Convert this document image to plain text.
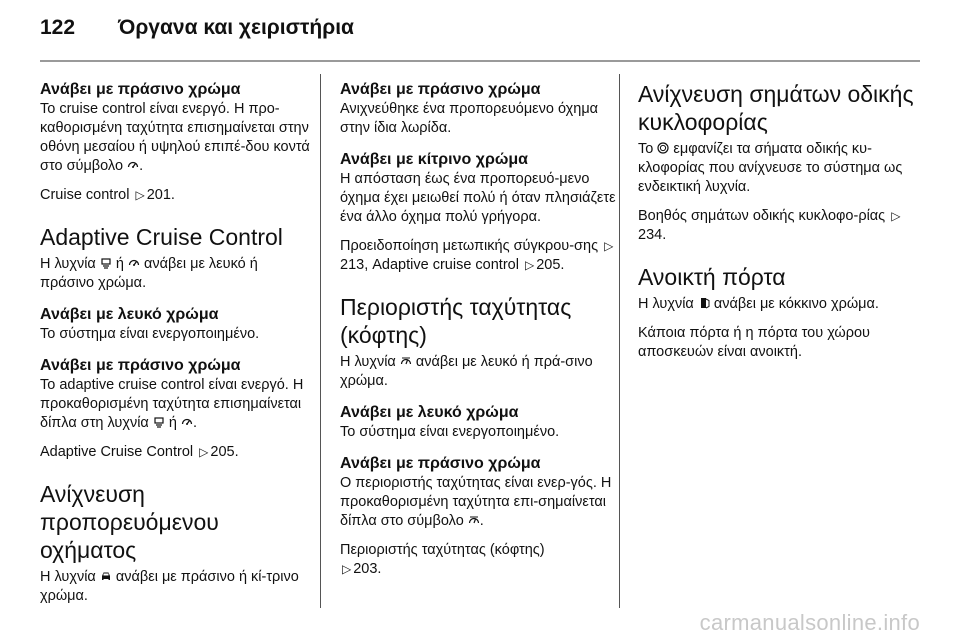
122	Όργανα και χειριστήρια
Ανάβει με πράσινο χρώμα

Το cruise control είναι ενεργό. Η προ-καθορισμένη ταχύτητα επισημαίνεται στην οθόνη μεσαίου ή υψηλού επιπέ-δου κοντά στο σύμβολο .

Cruise control ▷ 201.

Adaptive Cruise Control

Η λυχνία ή ανάβει με λευκό ή πράσινο χρώμα.

Ανάβει με λευκό χρώμα

Το σύστημα είναι ενεργοποιημένο.

Ανάβει με πράσινο χρώμα

Το adaptive cruise control είναι ενεργό. Η προκαθορισμένη ταχύτητα επισημαίνεται δίπλα στη λυχνία ή .

Adaptive Cruise Control ▷ 205.

Ανίχνευση προπορευόμενου οχήματος

Η λυχνία ανάβει με πράσινο ή κί-τρινο χρώμα.

Ανάβει με πράσινο χρώμα

Ανιχνεύθηκε ένα προπορευόμενο όχημα στην ίδια λωρίδα.

Ανάβει με κίτρινο χρώμα

Η απόσταση έως ένα προπορευό-μενο όχημα έχει μειωθεί πολύ ή όταν πλησιάζετε ένα άλλο όχημα πολύ γρήγορα.

Προειδοποίηση μετωπικής σύγκρου-σης ▷213, Adaptive cruise control ▷ 205.

Περιοριστής ταχύτητας (κόφτης)

Η λυχνία ανάβει με λευκό ή πρά-σινο χρώμα.

Ανάβει με λευκό χρώμα

Το σύστημα είναι ενεργοποιημένο.

Ανάβει με πράσινο χρώμα

Ο περιοριστής ταχύτητας είναι ενερ-γός. Η προκαθορισμένη ταχύτητα επι-σημαίνεται δίπλα στο σύμβολο .

Περιοριστής ταχύτητας (κόφτης)
▷ 203.

Ανίχνευση σημάτων οδικής κυκλοφορίας

Το εμφανίζει τα σήματα οδικής κυ-κλοφορίας που ανίχνευσε το σύστημα ως ενδεικτική λυχνία.

Βοηθός σημάτων οδικής κυκλοφο-ρίας ▷234.

Ανοικτή πόρτα

Η λυχνία ανάβει με κόκκινο χρώμα.

Κάποια πόρτα ή η πόρτα του χώρου αποσκευών είναι ανοικτή.

carmanualsonline.info
